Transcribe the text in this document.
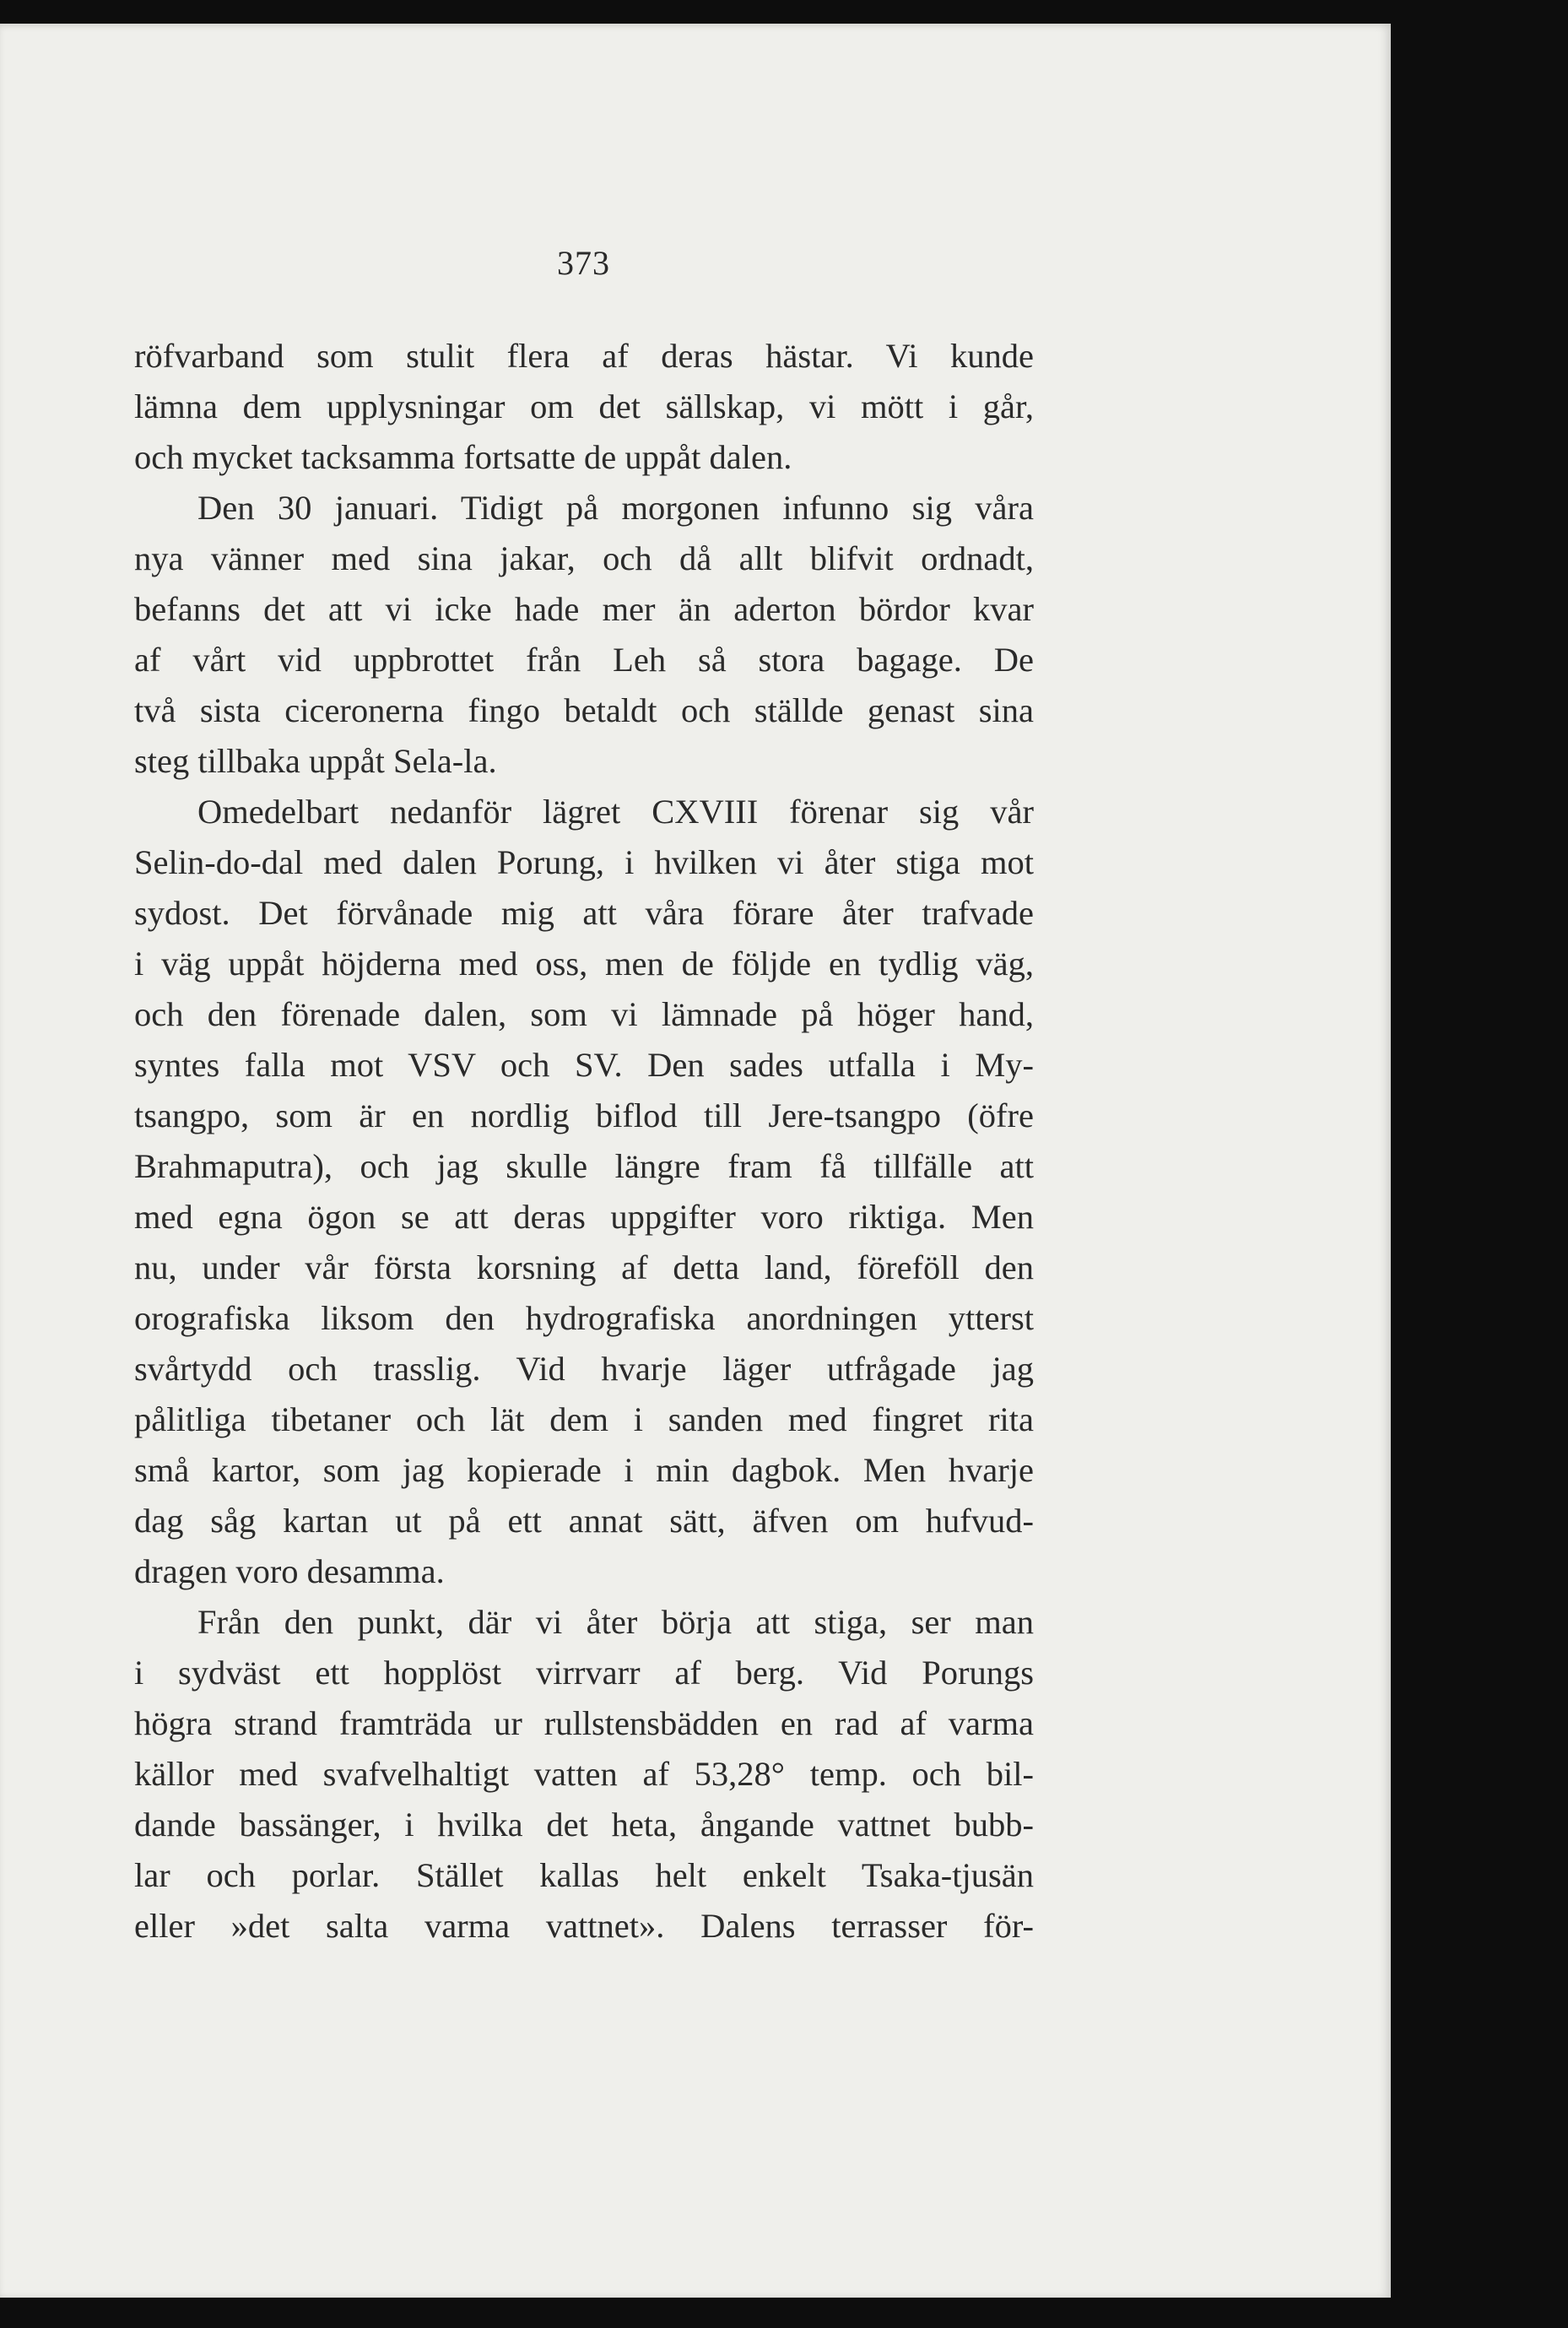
373
röfvarband som stulit flera af deras hästar. Vi kunde
lämna dem upplysningar om det sällskap, vi mött i går,
och mycket tacksamma fortsatte de uppåt dalen.
Den 30 januari. Tidigt på morgonen infunno sig våra
nya vänner med sina jakar, och då allt blifvit ordnadt,
befanns det att vi icke hade mer än aderton bördor kvar
af vårt vid uppbrottet från Leh så stora bagage. De
två sista ciceronerna fingo betaldt och ställde genast sina
steg tillbaka uppåt Sela-la.
Omedelbart nedanför lägret CXVIII förenar sig vår
Selin-do-dal med dalen Porung, i hvilken vi åter stiga mot
sydost. Det förvånade mig att våra förare åter trafvade
i väg uppåt höjderna med oss, men de följde en tydlig väg,
och den förenade dalen, som vi lämnade på höger hand,
syntes falla mot VSV och SV. Den sades utfalla i My-
tsangpo, som är en nordlig biflod till Jere-tsangpo (öfre
Brahmaputra), och jag skulle längre fram få tillfälle att
med egna ögon se att deras uppgifter voro riktiga. Men
nu, under vår första korsning af detta land, föreföll den
orografiska liksom den hydrografiska anordningen ytterst
svårtydd och trasslig. Vid hvarje läger utfrågade jag
pålitliga tibetaner och lät dem i sanden med fingret rita
små kartor, som jag kopierade i min dagbok. Men hvarje
dag såg kartan ut på ett annat sätt, äfven om hufvud-
dragen voro desamma.
Från den punkt, där vi åter börja att stiga, ser man
i sydväst ett hopplöst virrvarr af berg. Vid Porungs
högra strand framträda ur rullstensbädden en rad af varma
källor med svafvelhaltigt vatten af 53,28° temp. och bil-
dande bassänger, i hvilka det heta, ångande vattnet bubb-
lar och porlar. Stället kallas helt enkelt Tsaka-tjusän
eller »det salta varma vattnet». Dalens terrasser för-
